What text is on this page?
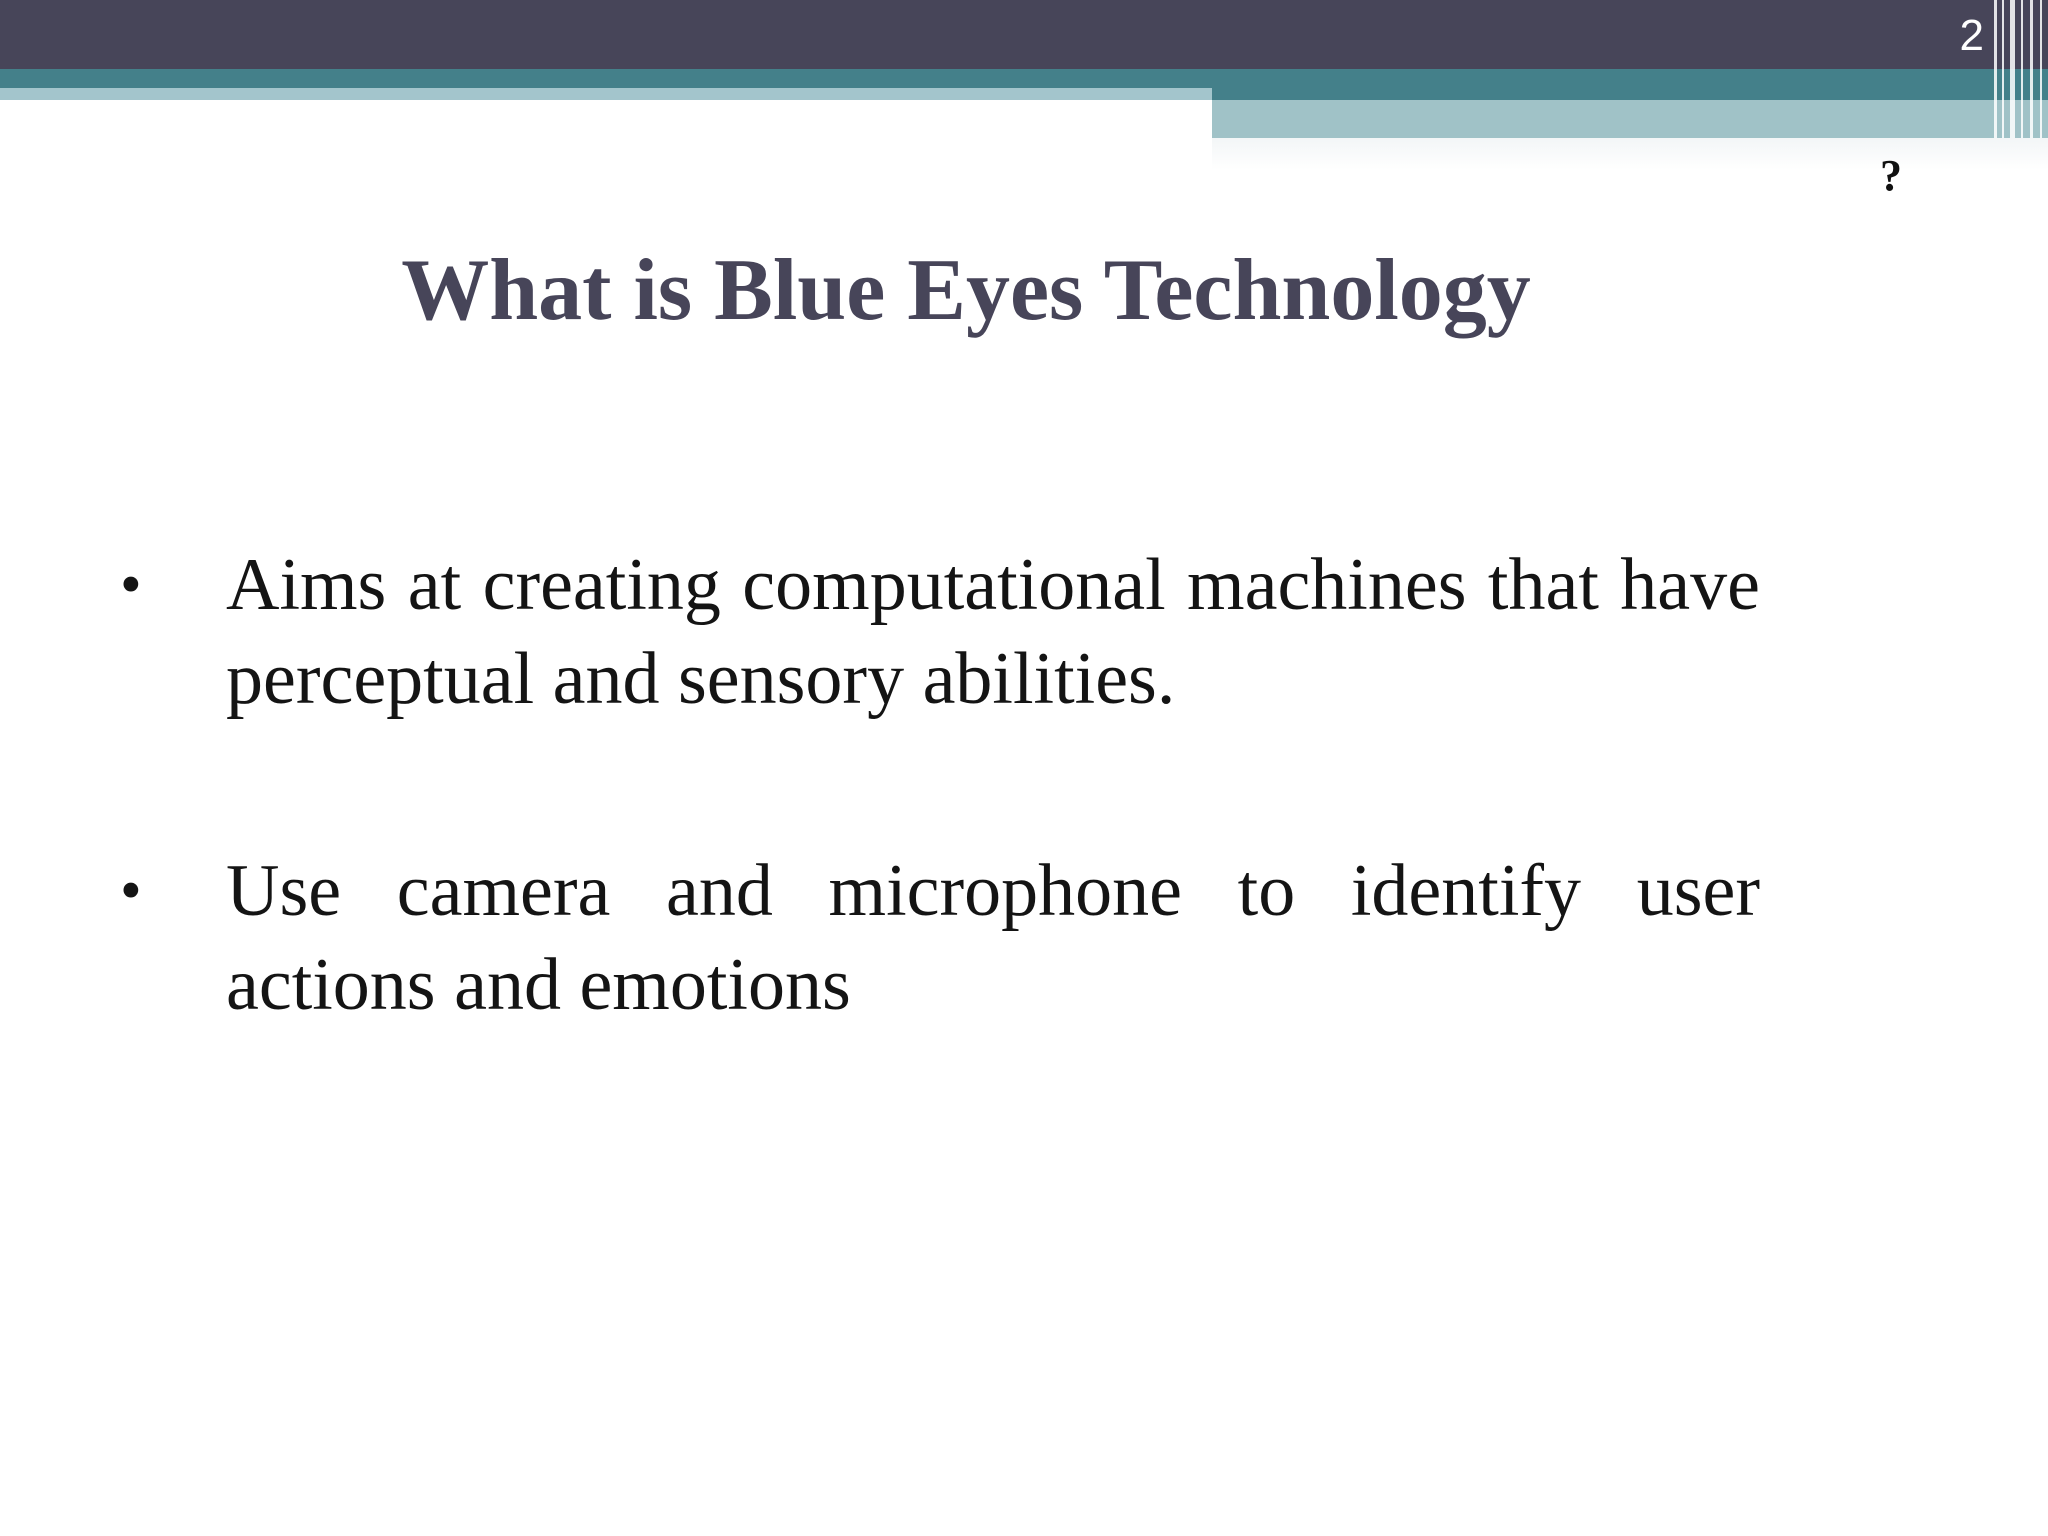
2
?
What is Blue Eyes Technology
• Aims at creating computational machines that have perceptual and sensory abilities.
• Use camera and microphone to identify user actions and emotions
